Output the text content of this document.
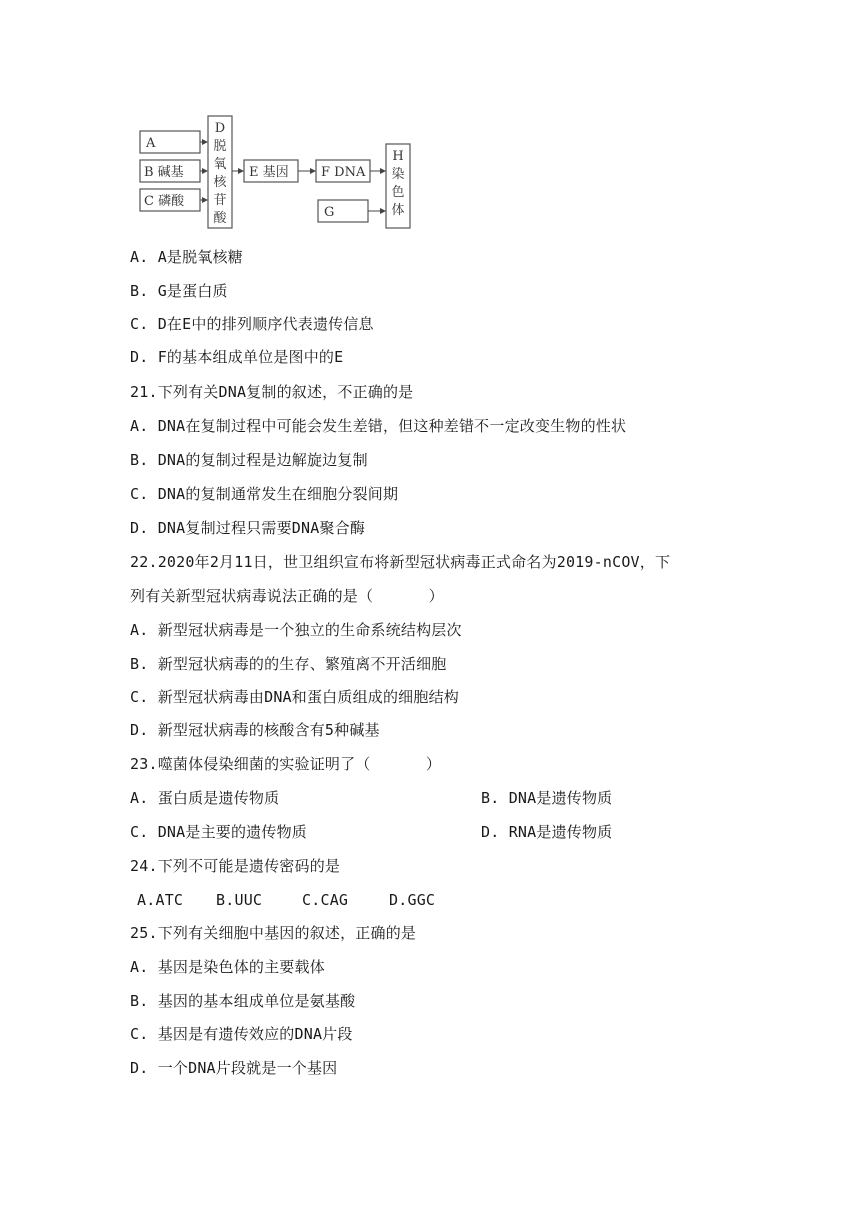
A
B 碱基
C 磷酸
D
脱
氧
核
苷
酸
E 基因 F DNA
G
H
染
色
体
A. A是脱氧核糖
B. G是蛋白质
C. D在E中的排列顺序代表遗传信息
D. F的基本组成单位是图中的E
21.下列有关DNA复制的叙述，不正确的是
A. DNA在复制过程中可能会发生差错，但这种差错不一定改变生物的性状
B. DNA的复制过程是边解旋边复制
C. DNA的复制通常发生在细胞分裂间期
D. DNA复制过程只需要DNA聚合酶
22.2020年2月11日，世卫组织宣布将新型冠状病毒正式命名为2019-nCOV，下
列有关新型冠状病毒说法正确的是（      ）
A. 新型冠状病毒是一个独立的生命系统结构层次
B. 新型冠状病毒的的生存、繁殖离不开活细胞
C. 新型冠状病毒由DNA和蛋白质组成的细胞结构
D. 新型冠状病毒的核酸含有5种碱基
23.噬菌体侵染细菌的实验证明了（      ）
A. 蛋白质是遗传物质	B. DNA是遗传物质
C. DNA是主要的遗传物质	D. RNA是遗传物质
24.下列不可能是遗传密码的是
A.ATC B.UUC	C.CAG	D.GGC
25.下列有关细胞中基因的叙述，正确的是
A. 基因是染色体的主要载体
B. 基因的基本组成单位是氨基酸
C. 基因是有遗传效应的DNA片段
D. 一个DNA片段就是一个基因
